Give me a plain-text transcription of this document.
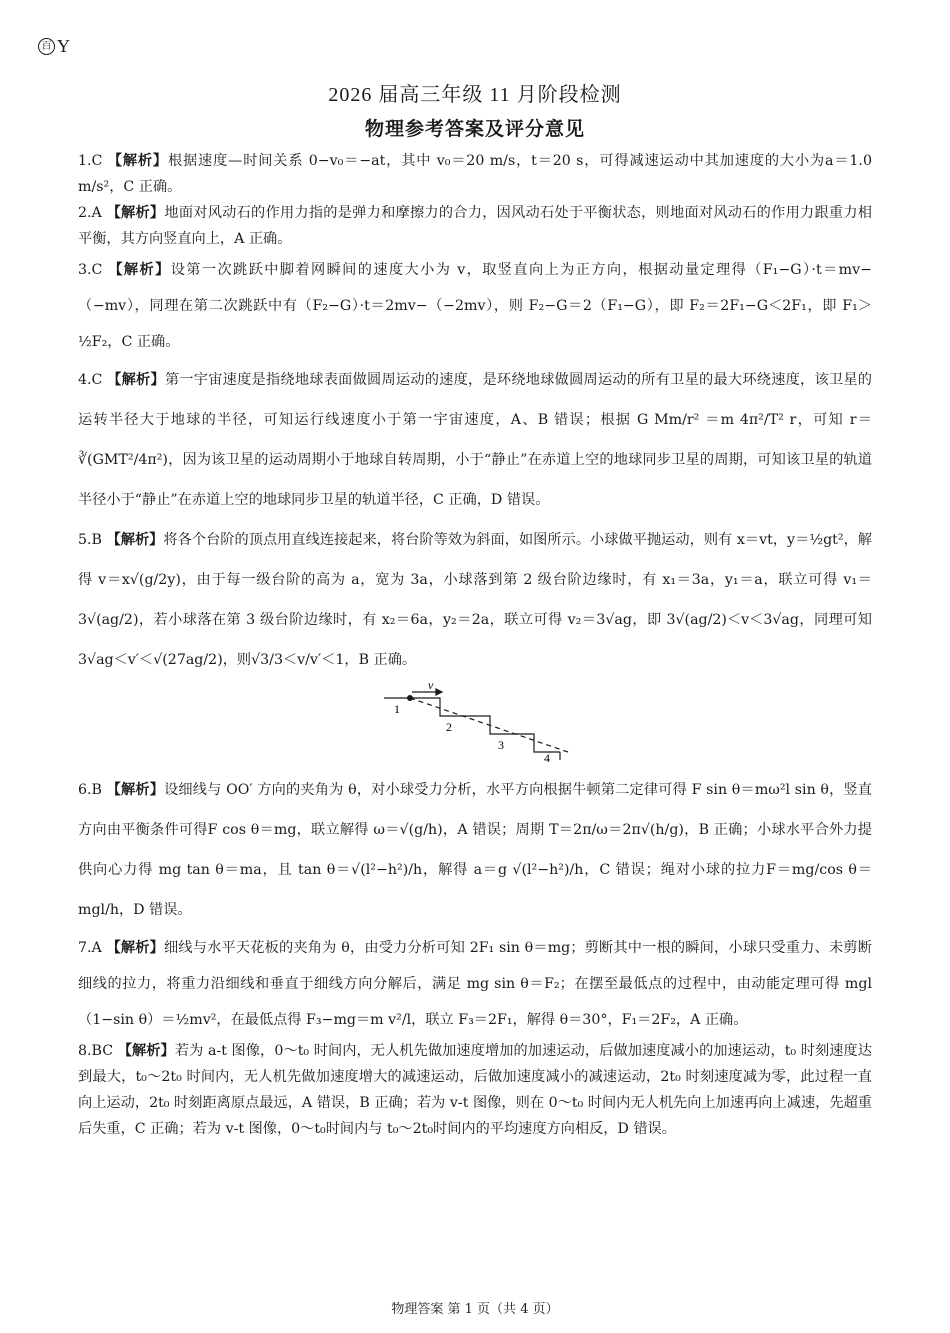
百 Y
2026 届高三年级 11 月阶段检测
物理参考答案及评分意见
1.C 【解析】根据速度—时间关系 0−v₀＝−at，其中 v₀＝20 m/s，t＝20 s，可得减速运动中其加速度的大小为a＝1.0 m/s²，C 正确。
2.A 【解析】地面对风动石的作用力指的是弹力和摩擦力的合力，因风动石处于平衡状态，则地面对风动石的作用力跟重力相平衡，其方向竖直向上，A 正确。
3.C 【解析】设第一次跳跃中脚着网瞬间的速度大小为 v，取竖直向上为正方向，根据动量定理得（F₁−G）·t＝mv−（−mv），同理在第二次跳跃中有（F₂−G）·t＝2mv−（−2mv），则 F₂−G＝2（F₁−G），即 F₂＝2F₁−G＜2F₁，即 F₁＞½F₂，C 正确。
4.C 【解析】第一宇宙速度是指绕地球表面做圆周运动的速度，是环绕地球做圆周运动的所有卫星的最大环绕速度，该卫星的运转半径大于地球的半径，可知运行线速度小于第一宇宙速度，A、B 错误；根据 G Mm/r² ＝m 4π²/T² r，可知 r＝∛(GMT²/4π²)，因为该卫星的运动周期小于地球自转周期，小于“静止”在赤道上空的地球同步卫星的周期，可知该卫星的轨道半径小于“静止”在赤道上空的地球同步卫星的轨道半径，C 正确，D 错误。
5.B 【解析】将各个台阶的顶点用直线连接起来，将台阶等效为斜面，如图所示。小球做平抛运动，则有 x＝vt，y＝½gt²，解得 v＝x√(g/2y)，由于每一级台阶的高为 a，宽为 3a，小球落到第 2 级台阶边缘时，有 x₁＝3a，y₁＝a，联立可得 v₁＝3√(ag/2)，若小球落在第 3 级台阶边缘时，有 x₂＝6a，y₂＝2a，联立可得 v₂＝3√ag，即 3√(ag/2)＜v＜3√ag，同理可知 3√ag＜v′＜√(27ag/2)，则√3/3＜v/v′＜1，B 正确。
v
1
2
3
4
6.B 【解析】设细线与 OO′ 方向的夹角为 θ，对小球受力分析，水平方向根据牛顿第二定律可得 F sin θ＝mω²l sin θ，竖直方向由平衡条件可得F cos θ＝mg，联立解得 ω＝√(g/h)，A 错误；周期 T＝2π/ω＝2π√(h/g)，B 正确；小球水平合外力提供向心力得 mg tan θ＝ma，且 tan θ＝√(l²−h²)/h，解得 a＝g √(l²−h²)/h，C 错误；绳对小球的拉力F＝mg/cos θ＝mgl/h，D 错误。
7.A 【解析】细线与水平天花板的夹角为 θ，由受力分析可知 2F₁ sin θ＝mg；剪断其中一根的瞬间，小球只受重力、未剪断细线的拉力，将重力沿细线和垂直于细线方向分解后，满足 mg sin θ＝F₂；在摆至最低点的过程中，由动能定理可得 mgl（1−sin θ）＝½mv²，在最低点得 F₃−mg＝m v²/l，联立 F₃＝2F₁，解得 θ＝30°，F₁＝2F₂，A 正确。
8.BC 【解析】若为 a-t 图像，0～t₀ 时间内，无人机先做加速度增加的加速运动，后做加速度减小的加速运动，t₀ 时刻速度达到最大，t₀～2t₀ 时间内，无人机先做加速度增大的减速运动，后做加速度减小的减速运动，2t₀ 时刻速度减为零，此过程一直向上运动，2t₀ 时刻距离原点最远，A 错误，B 正确；若为 v-t 图像，则在 0～t₀ 时间内无人机先向上加速再向上减速，先超重后失重，C 正确；若为 v-t 图像，0～t₀时间内与 t₀～2t₀时间内的平均速度方向相反，D 错误。
物理答案 第 1 页（共 4 页）
